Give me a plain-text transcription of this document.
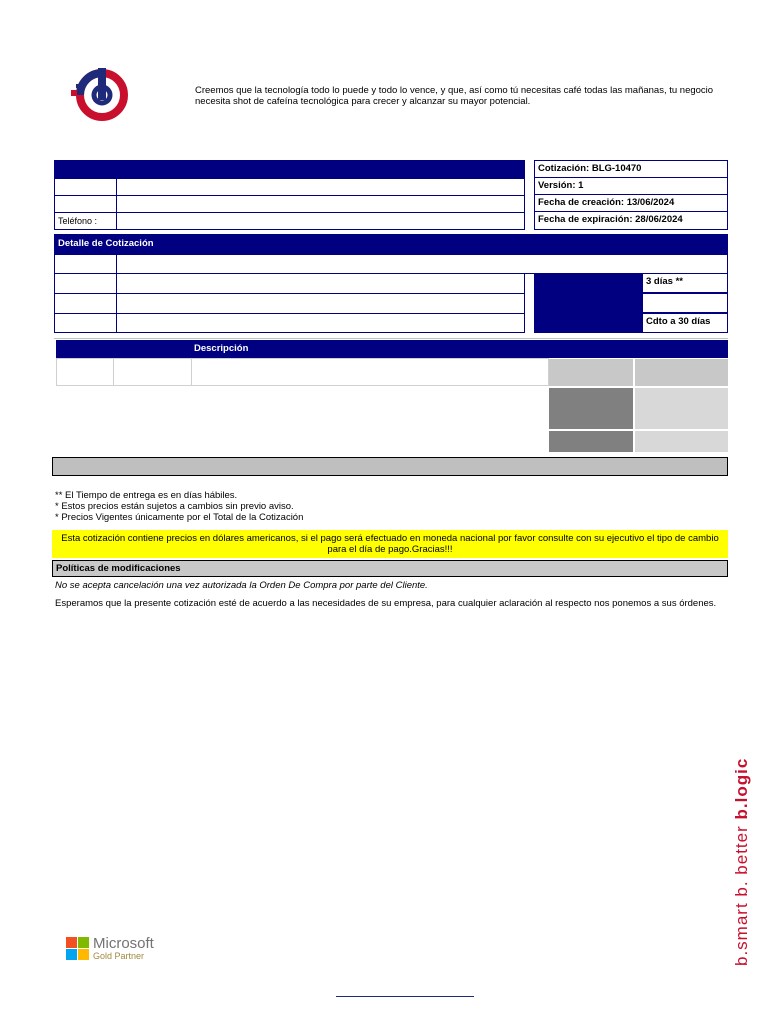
Creemos que la tecnología todo lo puede y todo lo vence, y que, así como tú necesitas café todas las mañanas, tu negocio necesita shot de cafeína tecnológica para crecer y alcanzar su mayor potencial.
Teléfono :
Cotización: BLG-10470
Versión: 1
Fecha de creación: 13/06/2024
Fecha de expiración: 28/06/2024
Detalle de Cotización
3 días **
Cdto a 30 días
Descripción
** El Tiempo de entrega es en días hábiles.
* Estos precios están sujetos a cambios sin previo aviso.
* Precios Vigentes únicamente por el Total de la Cotización
Esta cotización contiene precios en dólares americanos, si el pago será efectuado en moneda nacional por favor consulte con su ejecutivo el tipo de cambio para el día de pago.Gracias!!!
Políticas de modificaciones
No se acepta cancelación una vez autorizada la Orden De Compra por parte del Cliente.
Esperamos que la presente cotización esté de acuerdo a las necesidades de su empresa, para cualquier aclaración al respecto nos ponemos a sus órdenes.
Microsoft
Gold Partner	b.smart b. better b.logic
